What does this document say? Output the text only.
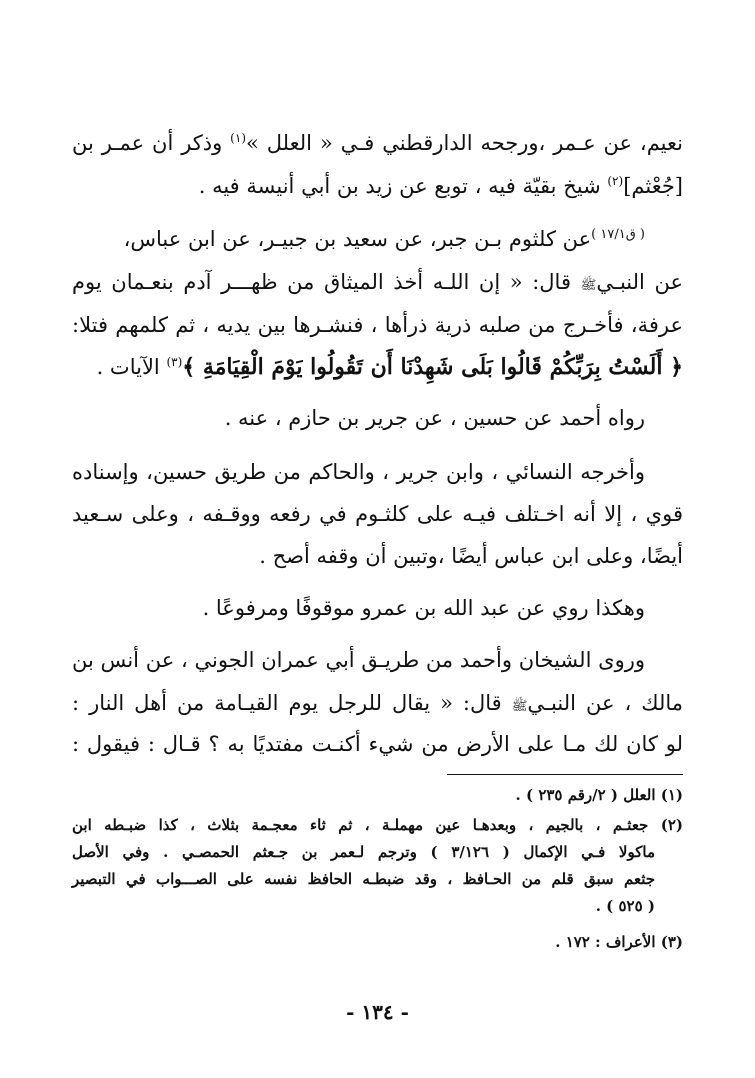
نعيم، عن عـمر ،ورجحه الدارقطني فـي « العلل »$^{(١)}$ وذكر أن عمـر بن
[جُعْثم]$^{(٢)}$ شيخ بقيّة فيه ، توبع عن زيد بن أبي أنيسة فيه .
$^{( ق١٧/١ )}$عن كلثوم بـن جبر، عن سعيد بن جبيـر، عن ابن عباس،
عن النبـيﷺ قال: « إن اللـه أخذ الميثاق من ظهـــر آدم بنعـمان يوم
عرفة، فأخـرج من صلبه ذرية ذرأها ، فنشـرها بين يديه ، ثم كلمهم فتلا:
﴿ أَلَسْتُ بِرَبِّكُمْ قَالُوا بَلَى شَهِدْنَا أَن تَقُولُوا يَوْمَ الْقِيَامَةِ ﴾$^{(٣)}$ الآيات .
رواه أحمد عن حسين ، عن جرير بن حازم ، عنه .
وأخرجه النسائي ، وابن جرير ، والحاكم من طريق حسين، وإسناده
قوي ، إلا أنه اخـتلف فيـه على كلثـوم في رفعه ووقـفه ، وعلى سـعيد
أيضًا، وعلى ابن عباس أيضًا ،وتبين أن وقفه أصح .
وهكذا روي عن عبد الله بن عمرو موقوفًا ومرفوعًا .
وروى الشيخان وأحمد من طريـق أبي عمران الجوني ، عن أنس بن
مالك ، عن النبـيﷺ قال: « يقال للرجل يوم القيـامة من أهل النار :
لو كان لك مـا على الأرض من شيء أكنـت مفتديًا به ؟ قـال : فيقول :
(١) العلل ( ٢/رقم ٢٣٥ ) .
(٢) جعثـم ، بالجيم ، وبعدهـا عين مهملـة ، ثم ثاء معجـمة بثلاث ، كذا ضبـطه ابن
ماكولا فـي الإكمال ( ٣/١٢٦ ) وترجم لـعمر بن جـعثم الحمصـي . وفي الأصل
جثعم سبق قلم من الحـافظ ، وقد ضبطـه الحافظ نفسه على الصـــواب في التبصير
( ٥٢٥ ) .
(٣) الأعراف : ١٧٢ .
- ١٣٤ -
